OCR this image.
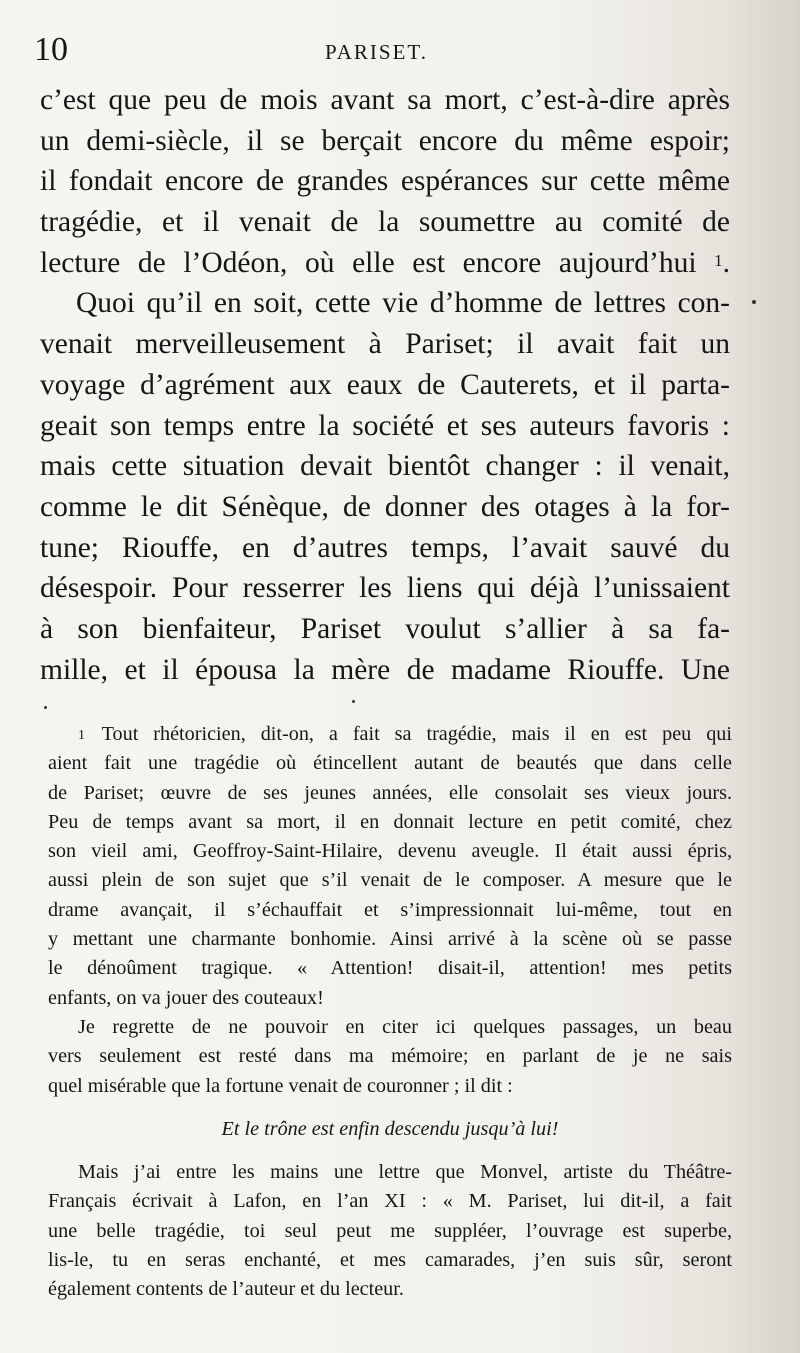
10	PARISET.
c’est que peu de mois avant sa mort, c’est-à-dire après
un demi-siècle, il se berçait encore du même espoir;
il fondait encore de grandes espérances sur cette même
tragédie, et il venait de la soumettre au comité de
lecture de l’Odéon, où elle est encore aujourd’hui $^1$.
Quoi qu’il en soit, cette vie d’homme de lettres con-
venait merveilleusement à Pariset; il avait fait un
voyage d’agrément aux eaux de Cauterets, et il parta-
geait son temps entre la société et ses auteurs favoris :
mais cette situation devait bientôt changer : il venait,
comme le dit Sénèque, de donner des otages à la for-
tune; Riouffe, en d’autres temps, l’avait sauvé du
désespoir. Pour resserrer les liens qui déjà l’unissaient
à son bienfaiteur, Pariset voulut s’allier à sa fa-
mille, et il épousa la mère de madame Riouffe. Une
$^1$ Tout rhétoricien, dit-on, a fait sa tragédie, mais il en est peu qui
aient fait une tragédie où étincellent autant de beautés que dans celle
de Pariset; œuvre de ses jeunes années, elle consolait ses vieux jours.
Peu de temps avant sa mort, il en donnait lecture en petit comité, chez
son vieil ami, Geoffroy-Saint-Hilaire, devenu aveugle. Il était aussi épris,
aussi plein de son sujet que s’il venait de le composer. A mesure que le
drame avançait, il s’échauffait et s’impressionnait lui-même, tout en
y mettant une charmante bonhomie. Ainsi arrivé à la scène où se passe
le dénoûment tragique. « Attention! disait-il, attention! mes petits
enfants, on va jouer des couteaux!
Je regrette de ne pouvoir en citer ici quelques passages, un beau
vers seulement est resté dans ma mémoire; en parlant de je ne sais
quel misérable que la fortune venait de couronner ; il dit :
Et le trône est enfin descendu jusqu’à lui!
Mais j’ai entre les mains une lettre que Monvel, artiste du Théâtre-
Français écrivait à Lafon, en l’an XI : « M. Pariset, lui dit-il, a fait
une belle tragédie, toi seul peut me suppléer, l’ouvrage est superbe,
lis-le, tu en seras enchanté, et mes camarades, j’en suis sûr, seront
également contents de l’auteur et du lecteur.
